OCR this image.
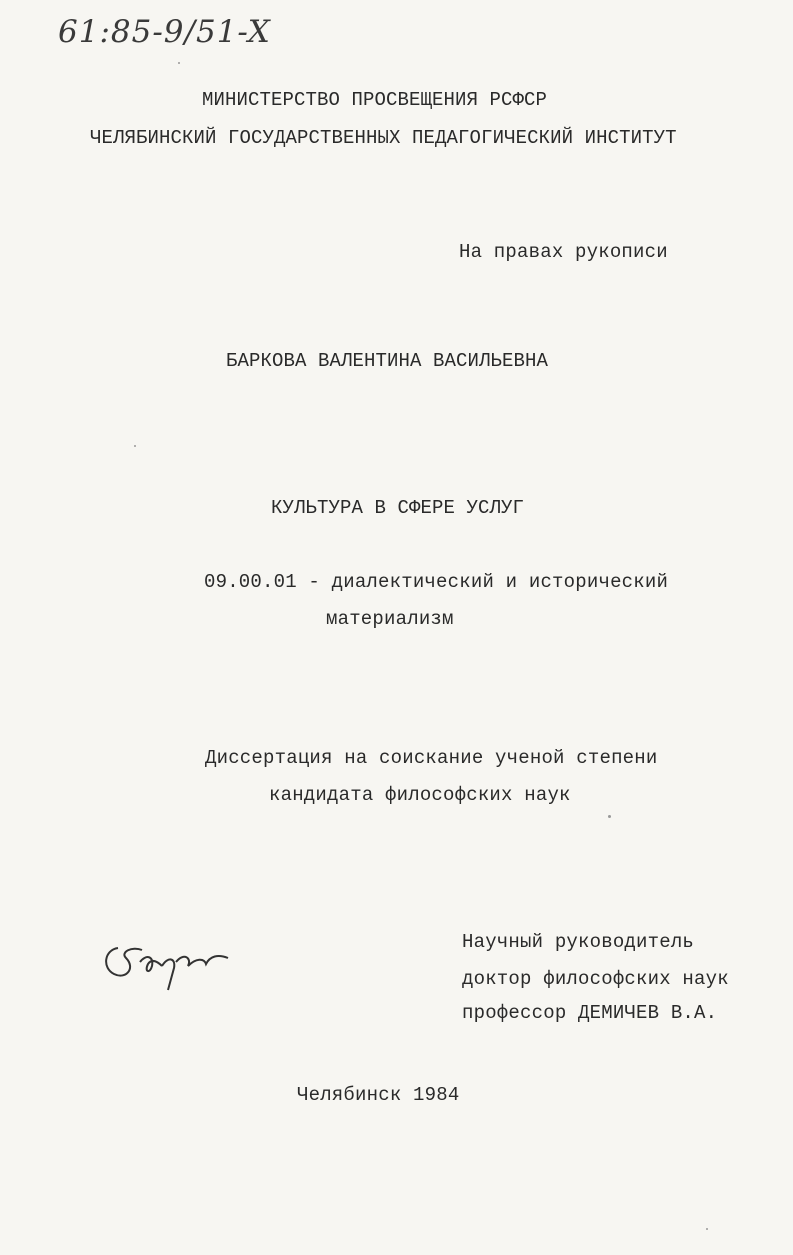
61:85-9/51-X
МИНИСТЕРСТВО ПРОСВЕЩЕНИЯ РСФСР
ЧЕЛЯБИНСКИЙ ГОСУДАРСТВЕННЫХ ПЕДАГОГИЧЕСКИЙ ИНСТИТУТ
На правах рукописи
БАРКОВА ВАЛЕНТИНА ВАСИЛЬЕВНА
КУЛЬТУРА В СФЕРЕ УСЛУГ
09.00.01 - диалектический и исторический
материализм
Диссертация на соискание ученой степени
кандидата философских наук
Научный руководитель
доктор философских наук
профессор ДЕМИЧЕВ В.А.
Челябинск 1984
